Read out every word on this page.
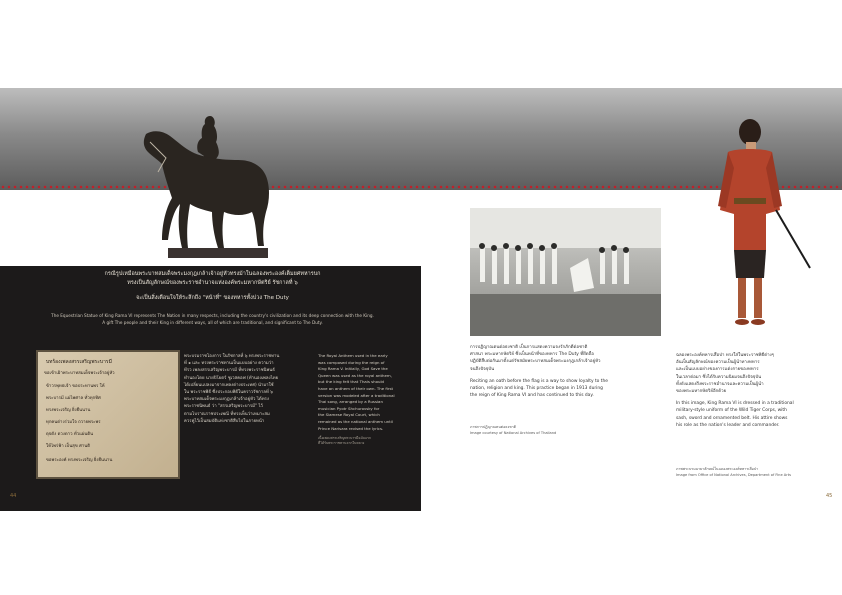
กรณีรูปเหมือนพระบาทสมเด็จพระมงกุฎเกล้าเจ้าอยู่หัวทรงม้าในฉลองพระองค์เต็มยศทหารบก
ทรงเป็นสัญลักษณ์ของพระราชอำนาจแห่งองค์พระมหากษัตริย์ รัชกาลที่ ๖
จะเป็นสิ่งเตือนใจให้ระลึกถึง "หน้าที่" ของทหารทั้งปวง The Duty
The Equestrian Statue of King Rama VI represents The Nation in many respects, including the country's civilization and its deep connection with the King.
A gift The people and their King in different ways, all of which are traditional, and significant to The Duty.
บทร้องเพลงสรรเสริญพระบารมี
ขอเข้าเฝ้าพระบาทสมเด็จพระเจ้าอยู่หัว
ข้าวรพุทธเจ้า ขอประทานพร ให้
พระบารมี แผ่ไพศาล ทั่วทุกทิศ
ทรงพระเจริญ ยิ่งยืนนาน
ทุกคนต่างร่วมใจ ถวายพระพร
ดุจดัง ดวงดาว ทั่วแผ่นดิน
ให้ไพร่ฟ้า เป็นสุข ศานติ
ขอพระองค์ ทรงพระเจริญ ยิ่งยืนนาน
พระบรมราชโองการ ในรัชกาลที่ ๖ ทรงพระราชทาน
ที่ ๑ และ ทรงพระราชทานเป็นแบบอย่าง ความว่า
ทีรว เพลงสรรเสริญพระบารมี ที่ทรงพระราชนิพนธ์
ทำนองโดย นายปิโยตร์ ชูเวสคอฟ (ทำนองเพลงไทย
ได้เปลี่ยนแปลงมาจากเพลงต่างประเทศ) นำมาใช้
ใน พระราชพิธี ซึ่งประกอบพิธีในคราวรัชกาลที่ ๖
พระบาทสมเด็จพระมงกุฎเกล้าเจ้าอยู่หัว ได้ทรง
พระราชนิพนธ์ ว่า "สรรเสริญพระบารมี" ไว้
ตามโบราณราชประเพณี ที่ทรงเห็นว่าเหมาะสม
ควรคู่ไว้เป็นสมบัติแห่งชาติสืบไปในภายหน้า
The Royal Anthem used in the early
was composed during the reign of
King Rama V. Initially, God Save the
Queen was used as the royal anthem,
but the king felt that Thais should
have an anthem of their own. The first
version was modeled after a traditional
Thai song, arranged by a Russian
musician Pyotr Shchurovsky for
the Siamese Royal Court, which
remained as the national anthem until
Prince Narisara revised the lyrics.
เนื้อเพลงสรรเสริญพระบารมีฉบับแรก
ที่ได้รับพระราชทานจากในหลวง
44
การปฏิญาณตนต่อธงชาติ เป็นการแสดงความจงรักภักดีต่อชาติ
ศาสนา พระมหากษัตริย์ ซึ่งเป็นหน้าที่ของทหาร The Duty ที่ยึดถือ
ปฏิบัติสืบต่อกันมาตั้งแต่รัชสมัยพระบาทสมเด็จพระมงกุฎเกล้าเจ้าอยู่หัว
จนถึงปัจจุบัน
Reciting an oath before the flag is a way to show loyalty to the
nation, religion and king. This practice began in 1913 during
the reign of King Rama VI and has continued to this day.
ภาพการปฏิญาณตนต่อธงชาติ
Image courtesy of National Archives of Thailand
ฉลองพระองค์ทหารเสือป่า ทรงใส่ในพระราชพิธีต่างๆ
อันเป็นสัญลักษณ์ของความเป็นผู้นำทางทหาร
และเป็นแบบอย่างของการแต่งกายของทหาร
ในเวลาต่อมา ซึ่งได้รับความนิยมจนถึงปัจจุบัน
ทั้งยังแสดงถึงพระราชอำนาจและความเป็นผู้นำ
ของพระมหากษัตริย์อีกด้วย
In this image, King Rama VI is dressed in a traditional
military-style uniform of the Wild Tiger Corps, with
sash, sword and ornamented belt. His attire shows
his role as the nation's leader and commander.
ภาพพระบรมฉายาลักษณ์ในฉลองพระองค์ทหารเสือป่า
Image from Office of National Archives, Department of Fine Arts
45
